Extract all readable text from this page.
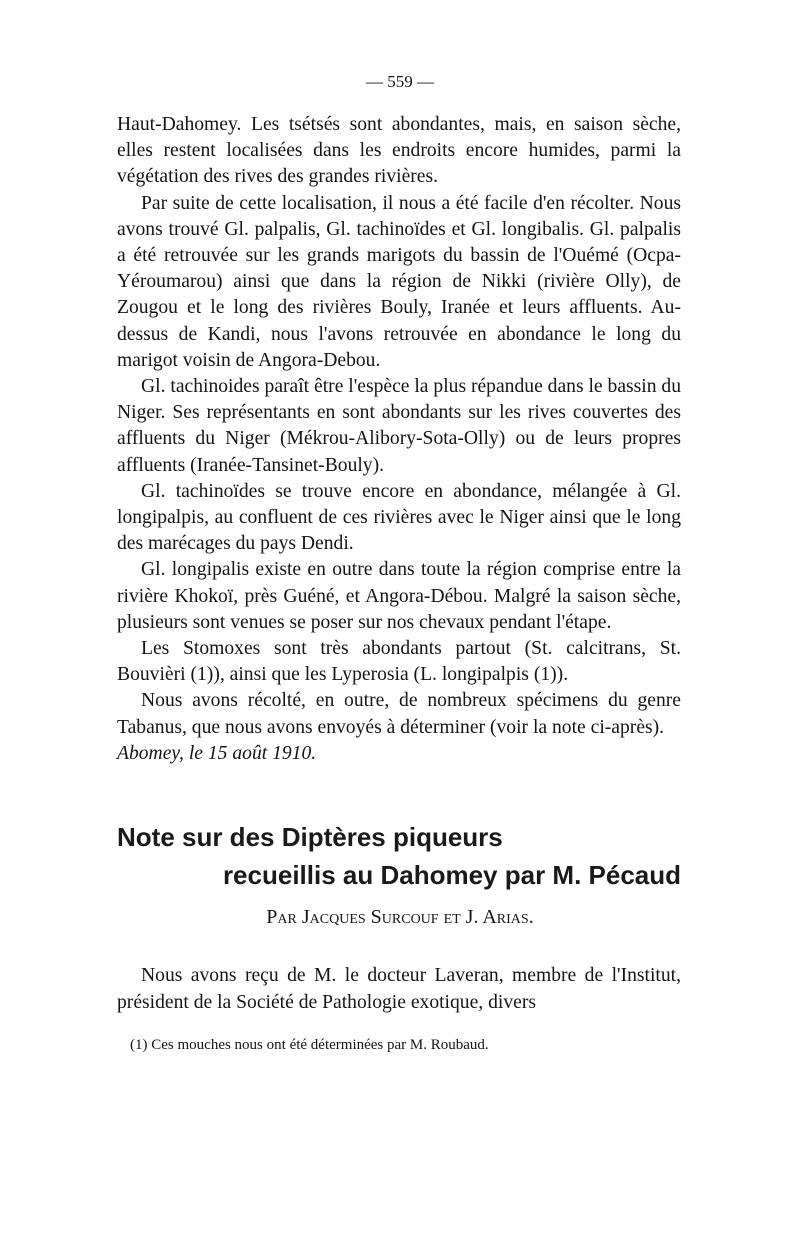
— 559 —

Haut-Dahomey. Les tsétsés sont abondantes, mais, en saison sèche, elles restent localisées dans les endroits encore humides, parmi la végétation des rives des grandes rivières.

Par suite de cette localisation, il nous a été facile d'en récolter. Nous avons trouvé Gl. palpalis, Gl. tachinoïdes et Gl. longibalis. Gl. palpalis a été retrouvée sur les grands marigots du bassin de l'Ouémé (Ocpa-Yéroumarou) ainsi que dans la région de Nikki (rivière Olly), de Zougou et le long des rivières Bouly, Iranée et leurs affluents. Au-dessus de Kandi, nous l'avons retrouvée en abondance le long du marigot voisin de Angora-Debou.

Gl. tachinoides paraît être l'espèce la plus répandue dans le bassin du Niger. Ses représentants en sont abondants sur les rives couvertes des affluents du Niger (Mékrou-Alibory-Sota-Olly) ou de leurs propres affluents (Iranée-Tansinet-Bouly).

Gl. tachinoïdes se trouve encore en abondance, mélangée à Gl. longipalpis, au confluent de ces rivières avec le Niger ainsi que le long des marécages du pays Dendi.

Gl. longipalis existe en outre dans toute la région comprise entre la rivière Khokoï, près Guéné, et Angora-Débou. Malgré la saison sèche, plusieurs sont venues se poser sur nos chevaux pendant l'étape.

Les Stomoxes sont très abondants partout (St. calcitrans, St. Bouvièri (1)), ainsi que les Lyperosia (L. longipalpis (1)).

Nous avons récolté, en outre, de nombreux spécimens du genre Tabanus, que nous avons envoyés à déterminer (voir la note ci-après).

Abomey, le 15 août 1910.

Note sur des Diptères piqueurs
recueillis au Dahomey par M. Pécaud
Par Jacques Surcouf et J. Arias.
Nous avons reçu de M. le docteur Laveran, membre de l'Institut, président de la Société de Pathologie exotique, divers
(1) Ces mouches nous ont été déterminées par M. Roubaud.
